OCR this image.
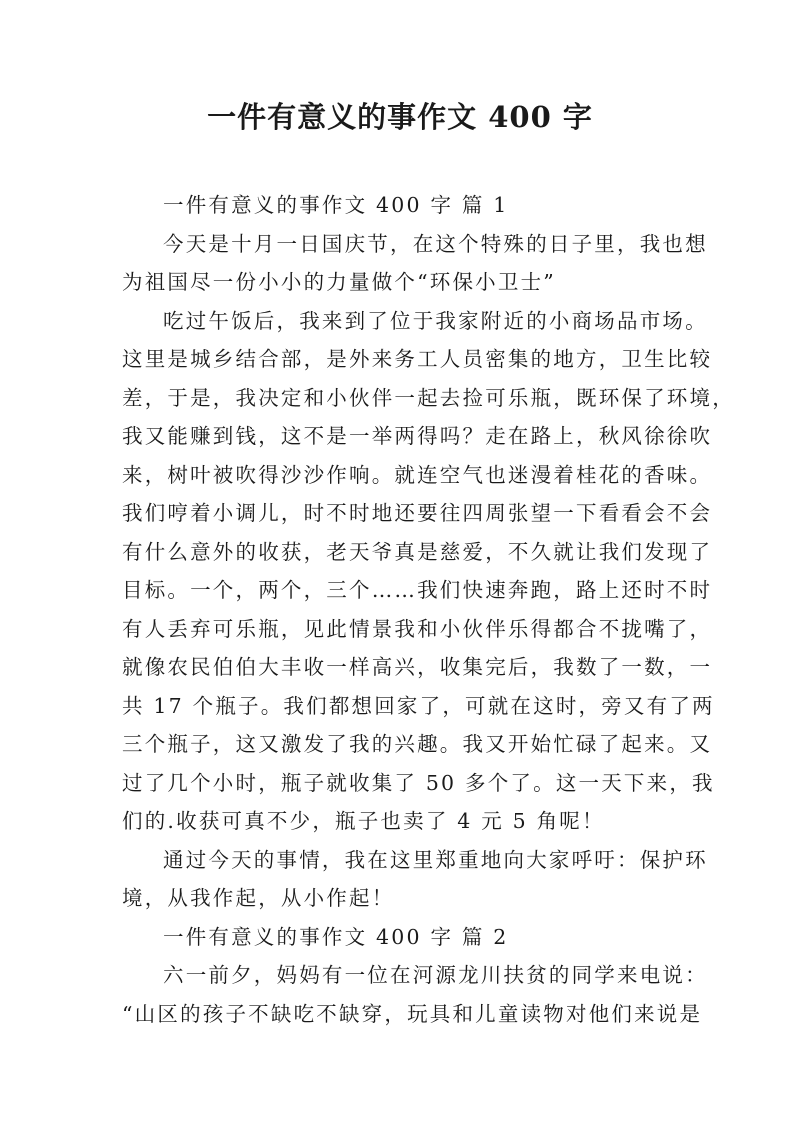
一件有意义的事作文 400 字
一件有意义的事作文 400 字 篇 1
今天是十月一日国庆节，在这个特殊的日子里，我也想
为祖国尽一份小小的力量做个“环保小卫士”
吃过午饭后，我来到了位于我家附近的小商场品市场。
这里是城乡结合部，是外来务工人员密集的地方，卫生比较
差，于是，我决定和小伙伴一起去捡可乐瓶，既环保了环境，
我又能赚到钱，这不是一举两得吗？走在路上，秋风徐徐吹
来，树叶被吹得沙沙作响。就连空气也迷漫着桂花的香味。
我们哼着小调儿，时不时地还要往四周张望一下看看会不会
有什么意外的收获，老天爷真是慈爱，不久就让我们发现了
目标。一个，两个，三个……我们快速奔跑，路上还时不时
有人丢弃可乐瓶，见此情景我和小伙伴乐得都合不拢嘴了，
就像农民伯伯大丰收一样高兴，收集完后，我数了一数，一
共 17 个瓶子。我们都想回家了，可就在这时，旁又有了两
三个瓶子，这又激发了我的兴趣。我又开始忙碌了起来。又
过了几个小时，瓶子就收集了 50 多个了。这一天下来，我
们的.收获可真不少，瓶子也卖了 4 元 5 角呢！
通过今天的事情，我在这里郑重地向大家呼吁：保护环
境，从我作起，从小作起！
一件有意义的事作文 400 字 篇 2
六一前夕，妈妈有一位在河源龙川扶贫的同学来电说：
“山区的孩子不缺吃不缺穿，玩具和儿童读物对他们来说是
